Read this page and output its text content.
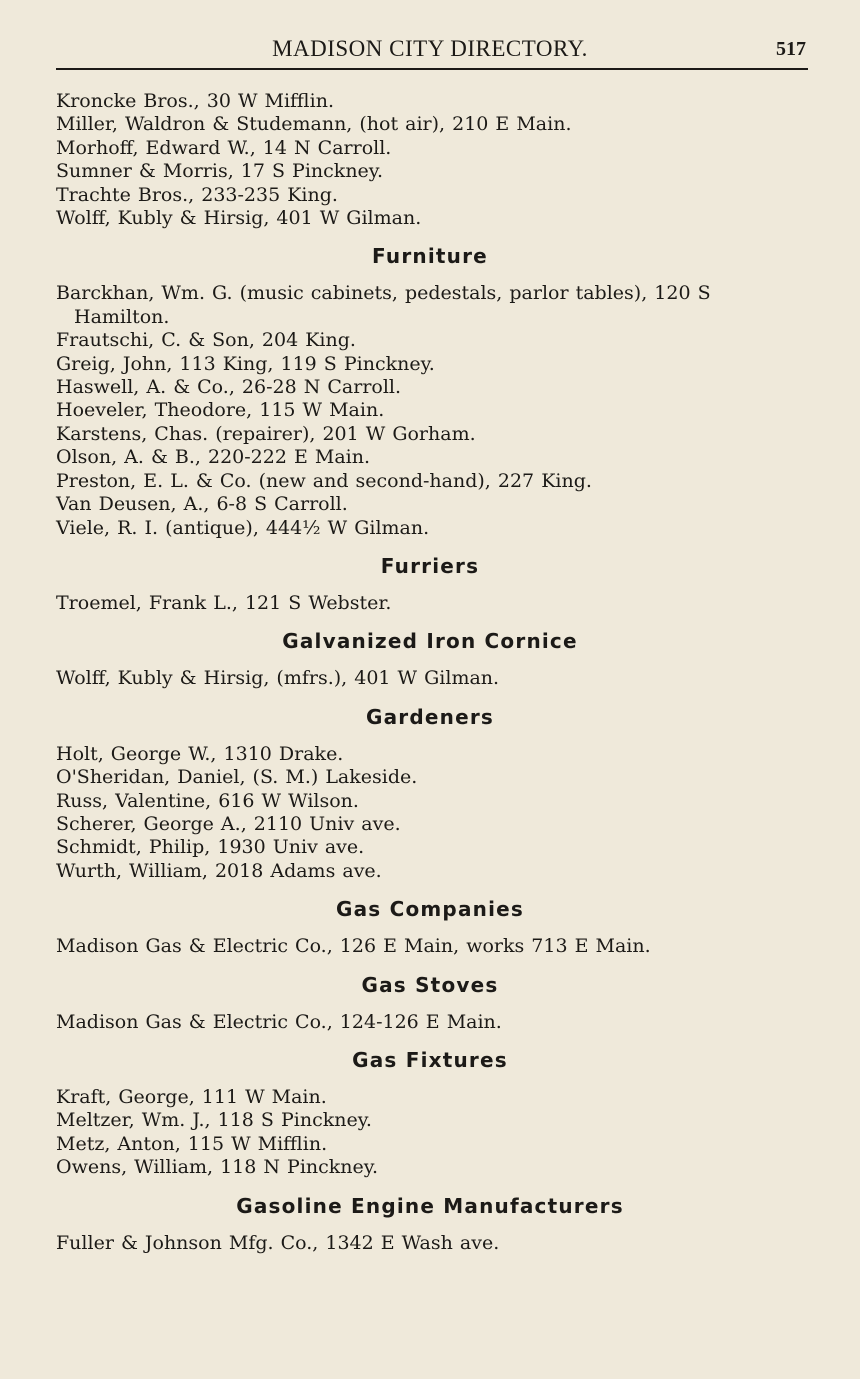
MADISON CITY DIRECTORY.	517

Kroncke Bros., 30 W Mifflin.

Miller, Waldron & Studemann, (hot air), 210 E Main.

Morhoff, Edward W., 14 N Carroll.

Sumner & Morris, 17 S Pinckney.

Trachte Bros., 233-235 King.

Wolff, Kubly & Hirsig, 401 W Gilman.

Furniture

Barckhan, Wm. G. (music cabinets, pedestals, parlor tables), 120 S Hamilton.

Frautschi, C. & Son, 204 King.

Greig, John, 113 King, 119 S Pinckney.

Haswell, A. & Co., 26-28 N Carroll.

Hoeveler, Theodore, 115 W Main.

Karstens, Chas. (repairer), 201 W Gorham.

Olson, A. & B., 220-222 E Main.

Preston, E. L. & Co. (new and second-hand), 227 King.

Van Deusen, A., 6-8 S Carroll.

Viele, R. I. (antique), 444½ W Gilman.

Furriers

Troemel, Frank L., 121 S Webster.

Galvanized Iron Cornice

Wolff, Kubly & Hirsig, (mfrs.), 401 W Gilman.

Gardeners

Holt, George W., 1310 Drake.

O'Sheridan, Daniel, (S. M.) Lakeside.

Russ, Valentine, 616 W Wilson.

Scherer, George A., 2110 Univ ave.

Schmidt, Philip, 1930 Univ ave.

Wurth, William, 2018 Adams ave.

Gas Companies

Madison Gas & Electric Co., 126 E Main, works 713 E Main.

Gas Stoves

Madison Gas & Electric Co., 124-126 E Main.

Gas Fixtures

Kraft, George, 111 W Main.

Meltzer, Wm. J., 118 S Pinckney.

Metz, Anton, 115 W Mifflin.

Owens, William, 118 N Pinckney.

Gasoline Engine Manufacturers

Fuller & Johnson Mfg. Co., 1342 E Wash ave.
